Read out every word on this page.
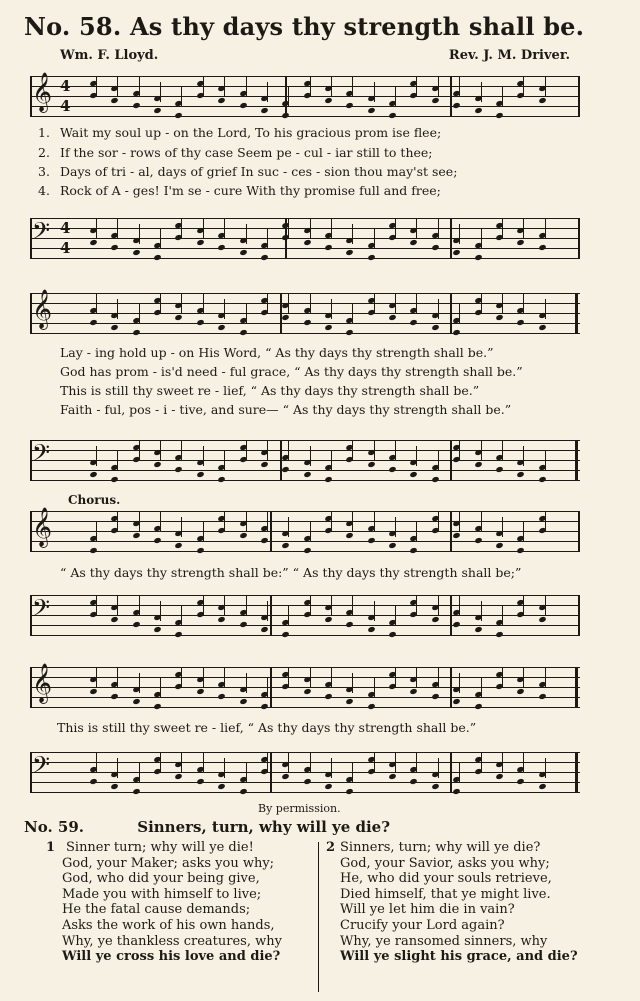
No. 58. As thy days thy strength shall be.
Wm. F. Lloyd.	Rev. J. M. Driver.
𝄞 4
4
1. Wait my soul up - on the Lord, To his gracious prom ise flee;
2. If the sor - rows of thy case Seem pe - cul - iar still to thee;
3. Days of tri - al, days of grief In suc - ces - sion thou may'st see;
4. Rock of A - ges! I'm se - cure With thy promise full and free;
𝄢 4
4
𝄞
Lay - ing hold up - on His Word, “ As thy days thy strength shall be.”
God has prom - is'd need - ful grace, “ As thy days thy strength shall be.”
This is still thy sweet re - lief, “ As thy days thy strength shall be.”
Faith - ful, pos - i - tive, and sure— “ As thy days thy strength shall be.”
𝄢
Chorus.
𝄞
“ As thy days thy strength shall be:” “ As thy days thy strength shall be;”
𝄢
𝄞
This is still thy sweet re - lief, “ As thy days thy strength shall be.”
𝄢
By permission.
No. 59.	Sinners, turn, why will ye die?
1 Sinner turn; why will ye die!
God, your Maker; asks you why;
God, who did your being give,
Made you with himself to live;
He the fatal cause demands;
Asks the work of his own hands,
Why, ye thankless creatures, why
Will ye cross his love and die?
2 Sinners, turn; why will ye die?
God, your Savior, asks you why;
He, who did your souls retrieve,
Died himself, that ye might live.
Will ye let him die in vain?
Crucify your Lord again?
Why, ye ransomed sinners, why
Will ye slight his grace, and die?
